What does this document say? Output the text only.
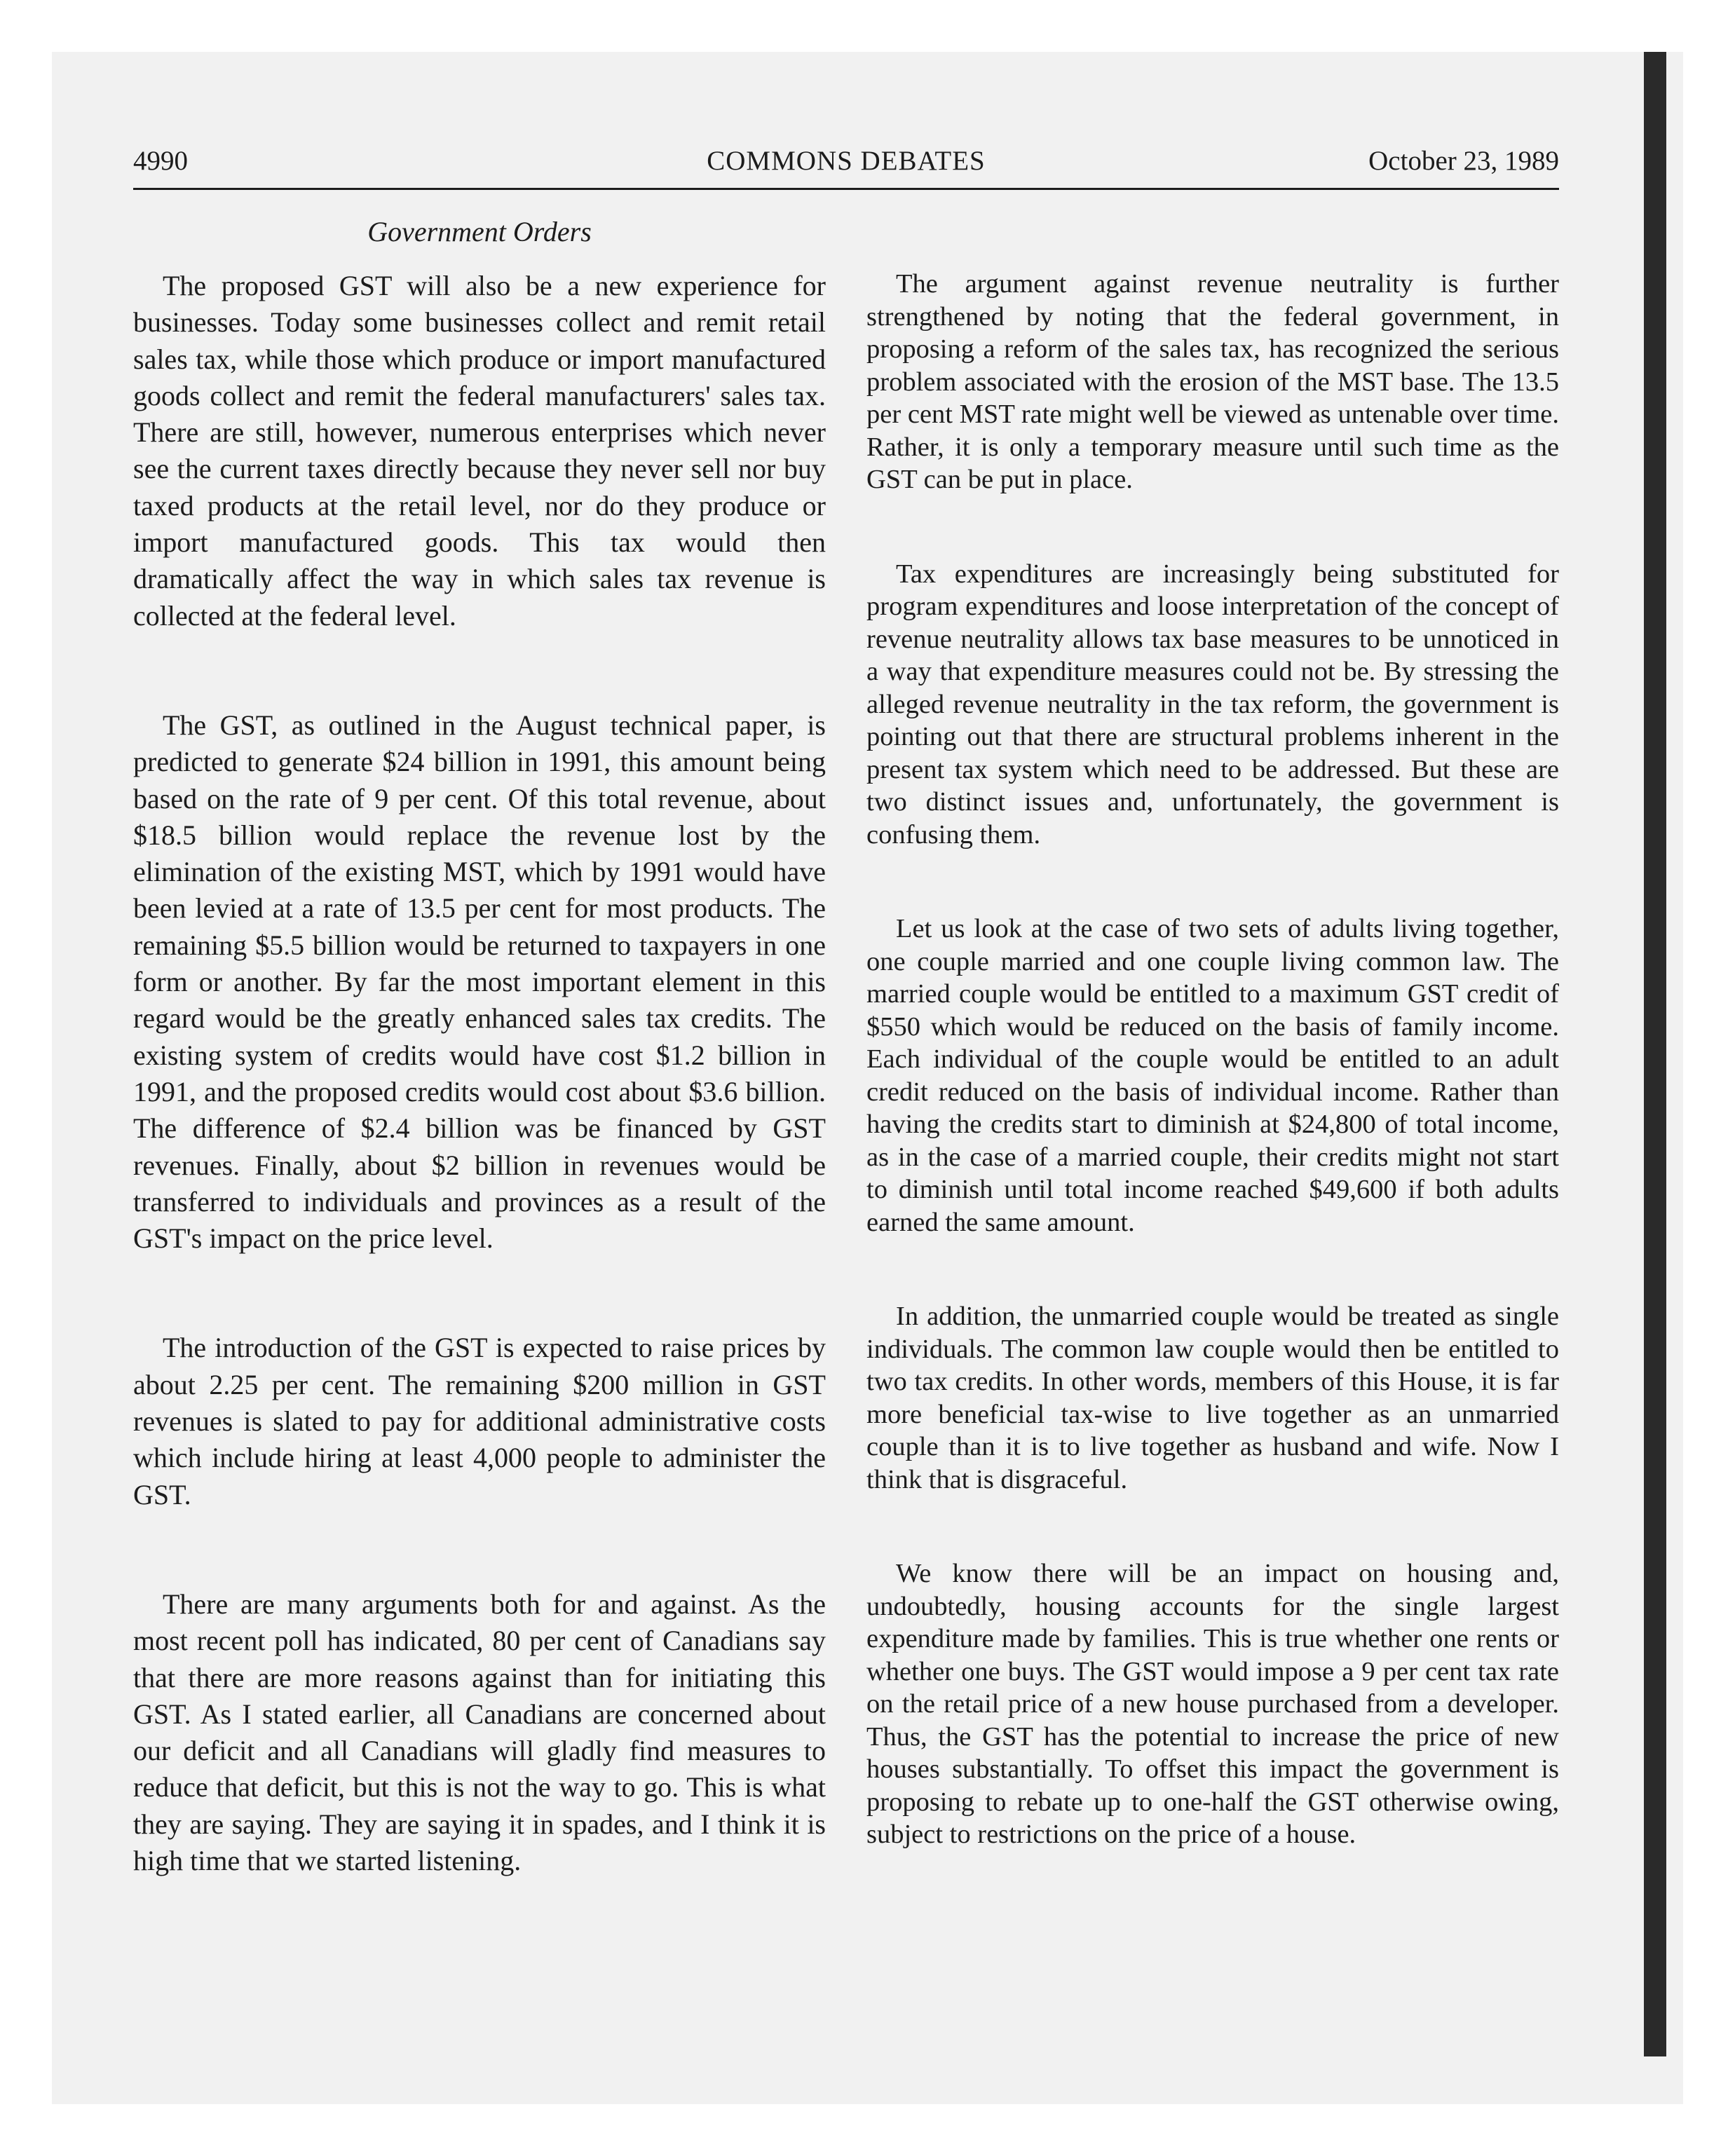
4990	COMMONS DEBATES	October 23, 1989
Government Orders

The proposed GST will also be a new experience for businesses. Today some businesses collect and remit retail sales tax, while those which produce or import manufactured goods collect and remit the federal manufacturers' sales tax. There are still, however, numerous enterprises which never see the current taxes directly because they never sell nor buy taxed products at the retail level, nor do they produce or import manufactured goods. This tax would then dramatically affect the way in which sales tax revenue is collected at the federal level.

The GST, as outlined in the August technical paper, is predicted to generate $24 billion in 1991, this amount being based on the rate of 9 per cent. Of this total revenue, about $18.5 billion would replace the revenue lost by the elimination of the existing MST, which by 1991 would have been levied at a rate of 13.5 per cent for most products. The remaining $5.5 billion would be returned to taxpayers in one form or another. By far the most important element in this regard would be the greatly enhanced sales tax credits. The existing system of credits would have cost $1.2 billion in 1991, and the proposed credits would cost about $3.6 billion. The difference of $2.4 billion was be financed by GST revenues. Finally, about $2 billion in revenues would be transferred to individuals and provinces as a result of the GST's impact on the price level.

The introduction of the GST is expected to raise prices by about 2.25 per cent. The remaining $200 million in GST revenues is slated to pay for additional administrative costs which include hiring at least 4,000 people to administer the GST.

There are many arguments both for and against. As the most recent poll has indicated, 80 per cent of Canadians say that there are more reasons against than for initiating this GST. As I stated earlier, all Canadians are concerned about our deficit and all Canadians will gladly find measures to reduce that deficit, but this is not the way to go. This is what they are saying. They are saying it in spades, and I think it is high time that we started listening.

The argument against revenue neutrality is further strengthened by noting that the federal government, in proposing a reform of the sales tax, has recognized the serious problem associated with the erosion of the MST base. The 13.5 per cent MST rate might well be viewed as untenable over time. Rather, it is only a temporary measure until such time as the GST can be put in place.

Tax expenditures are increasingly being substituted for program expenditures and loose interpretation of the concept of revenue neutrality allows tax base measures to be unnoticed in a way that expenditure measures could not be. By stressing the alleged revenue neutrality in the tax reform, the government is pointing out that there are structural problems inherent in the present tax system which need to be addressed. But these are two distinct issues and, unfortunately, the government is confusing them.

Let us look at the case of two sets of adults living together, one couple married and one couple living common law. The married couple would be entitled to a maximum GST credit of $550 which would be reduced on the basis of family income. Each individual of the couple would be entitled to an adult credit reduced on the basis of individual income. Rather than having the credits start to diminish at $24,800 of total income, as in the case of a married couple, their credits might not start to diminish until total income reached $49,600 if both adults earned the same amount.

In addition, the unmarried couple would be treated as single individuals. The common law couple would then be entitled to two tax credits. In other words, members of this House, it is far more beneficial tax-wise to live together as an unmarried couple than it is to live together as husband and wife. Now I think that is disgraceful.

We know there will be an impact on housing and, undoubtedly, housing accounts for the single largest expenditure made by families. This is true whether one rents or whether one buys. The GST would impose a 9 per cent tax rate on the retail price of a new house purchased from a developer. Thus, the GST has the potential to increase the price of new houses substantially. To offset this impact the government is proposing to rebate up to one-half the GST otherwise owing, subject to restrictions on the price of a house.
